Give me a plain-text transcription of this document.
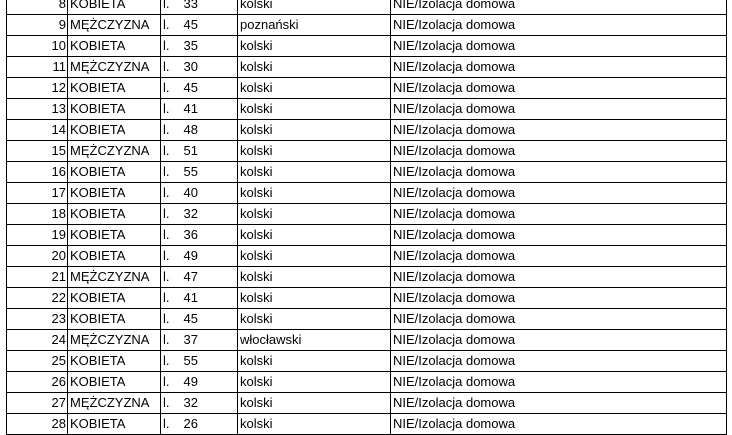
8	KOBIETA	l. 33	kolski	NIE/Izolacja domowa
9	MĘŻCZYZNA	l. 45	poznański	NIE/Izolacja domowa
10	KOBIETA	l. 35	kolski	NIE/Izolacja domowa
11	MĘŻCZYZNA	l. 30	kolski	NIE/Izolacja domowa
12	KOBIETA	l. 45	kolski	NIE/Izolacja domowa
13	KOBIETA	l. 41	kolski	NIE/Izolacja domowa
14	KOBIETA	l. 48	kolski	NIE/Izolacja domowa
15	MĘŻCZYZNA	l. 51	kolski	NIE/Izolacja domowa
16	KOBIETA	l. 55	kolski	NIE/Izolacja domowa
17	KOBIETA	l. 40	kolski	NIE/Izolacja domowa
18	KOBIETA	l. 32	kolski	NIE/Izolacja domowa
19	KOBIETA	l. 36	kolski	NIE/Izolacja domowa
20	KOBIETA	l. 49	kolski	NIE/Izolacja domowa
21	MĘŻCZYZNA	l. 47	kolski	NIE/Izolacja domowa
22	KOBIETA	l. 41	kolski	NIE/Izolacja domowa
23	KOBIETA	l. 45	kolski	NIE/Izolacja domowa
24	MĘŻCZYZNA	l. 37	włocławski	NIE/Izolacja domowa
25	KOBIETA	l. 55	kolski	NIE/Izolacja domowa
26	KOBIETA	l. 49	kolski	NIE/Izolacja domowa
27	MĘŻCZYZNA	l. 32	kolski	NIE/Izolacja domowa
28	KOBIETA	l. 26	kolski	NIE/Izolacja domowa
